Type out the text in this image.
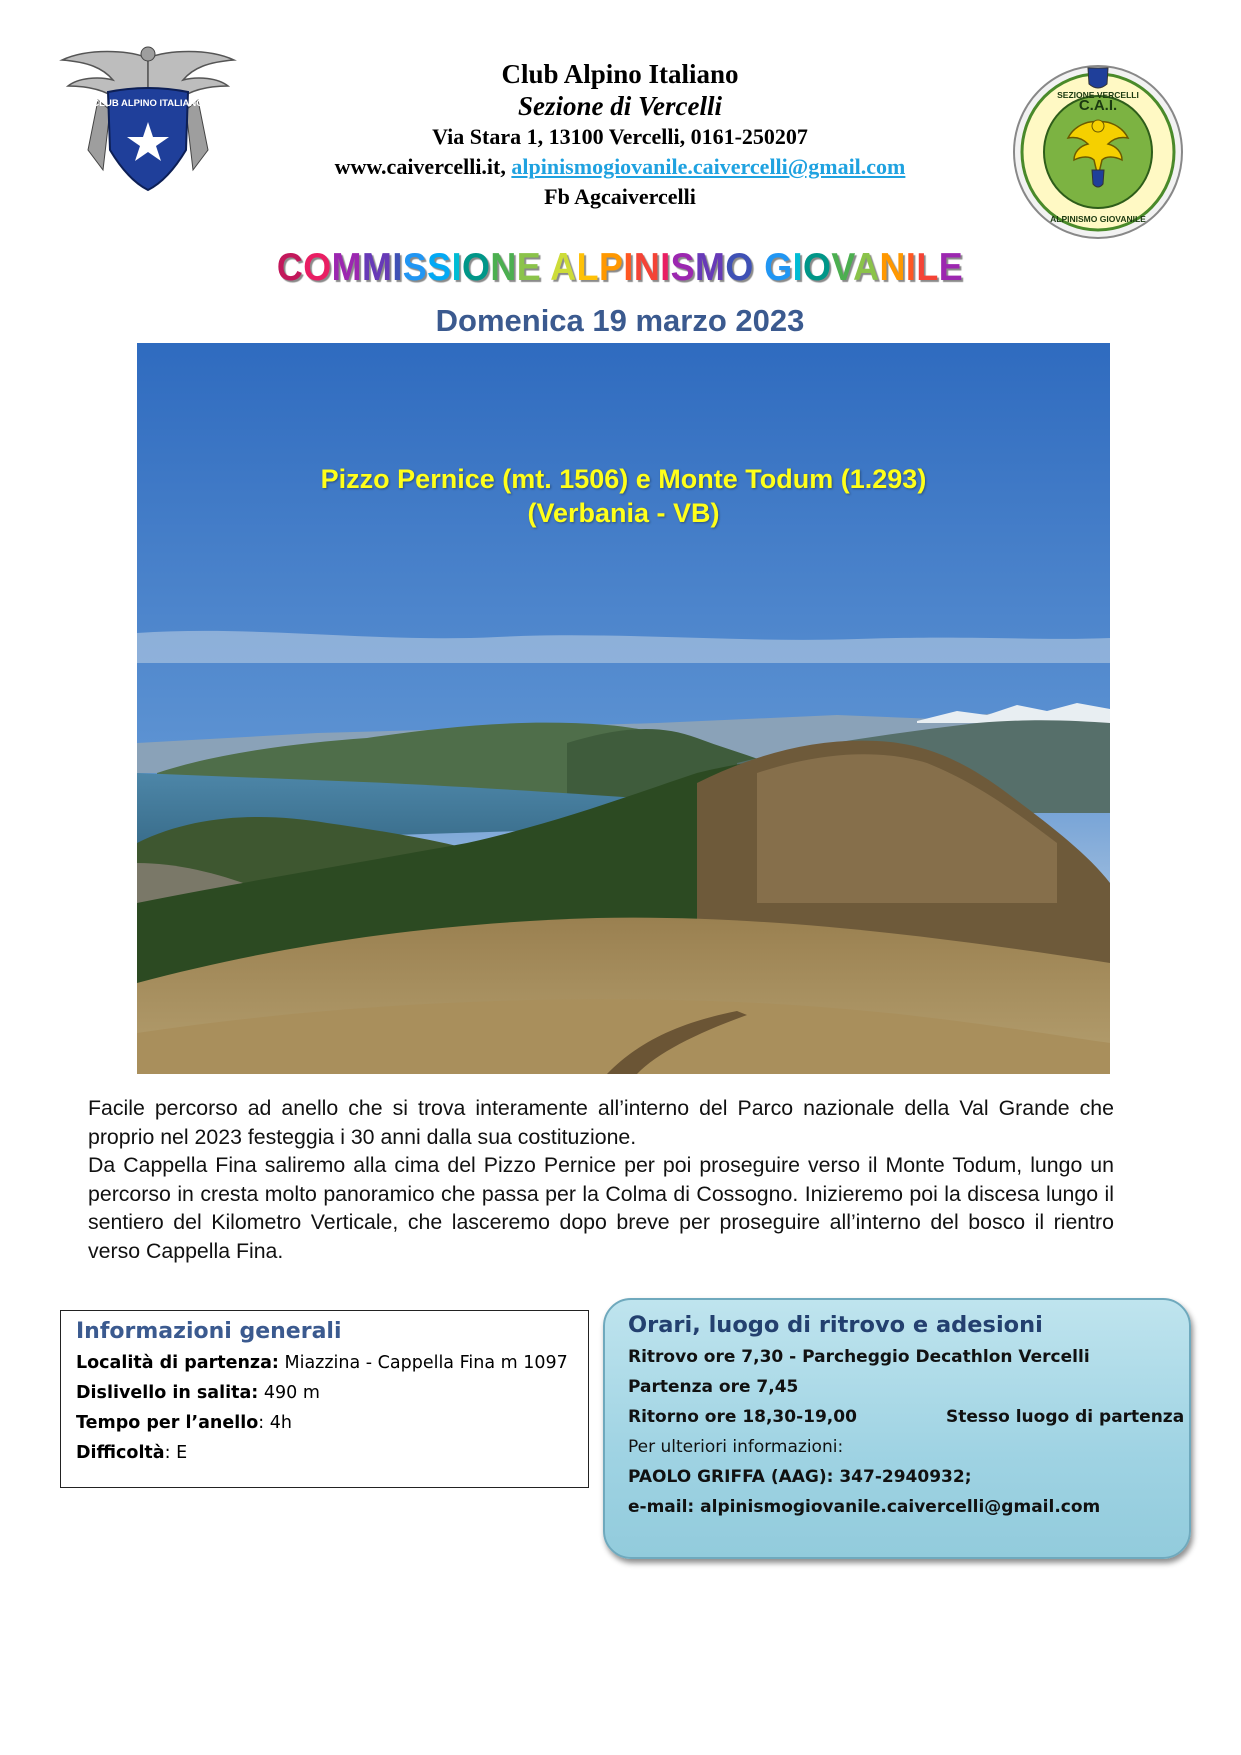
CLUB ALPINO ITALIANO	C.A.I.
ALPINISMO GIOVANILE
SEZIONE VERCELLI
Club Alpino Italiano
Sezione di Vercelli
Via Stara 1, 13100 Vercelli, 0161-250207
www.caivercelli.it, alpinismogiovanile.caivercelli@gmail.com
Fb Agcaivercelli
COMMISSIONE ALPINISMO GIOVANILE
Domenica 19 marzo 2023
Pizzo Pernice (mt. 1506) e Monte Todum (1.293)
(Verbania - VB)

Facile percorso ad anello che si trova interamente all’interno del Parco nazionale della Val Grande che proprio nel 2023 festeggia i 30 anni dalla sua costituzione.

Da Cappella Fina saliremo alla cima del Pizzo Pernice per poi proseguire verso il Monte Todum, lungo un percorso in cresta molto panoramico che passa per la Colma di Cossogno. Inizieremo poi la discesa lungo il sentiero del Kilometro Verticale, che lasceremo dopo breve per proseguire all’interno del bosco il rientro verso Cappella Fina.

Informazioni generali
Località di partenza: Miazzina - Cappella Fina m 1097
Dislivello in salita: 490 m
Tempo per l’anello: 4h
Difficoltà: E
Orari, luogo di ritrovo e adesioni
Ritrovo ore 7,30 - Parcheggio Decathlon Vercelli
Partenza ore 7,45
Ritorno ore 18,30-19,00	Stesso luogo di partenza
Per ulteriori informazioni:
PAOLO GRIFFA (AAG): 347-2940932;
e-mail: alpinismogiovanile.caivercelli@gmail.com
